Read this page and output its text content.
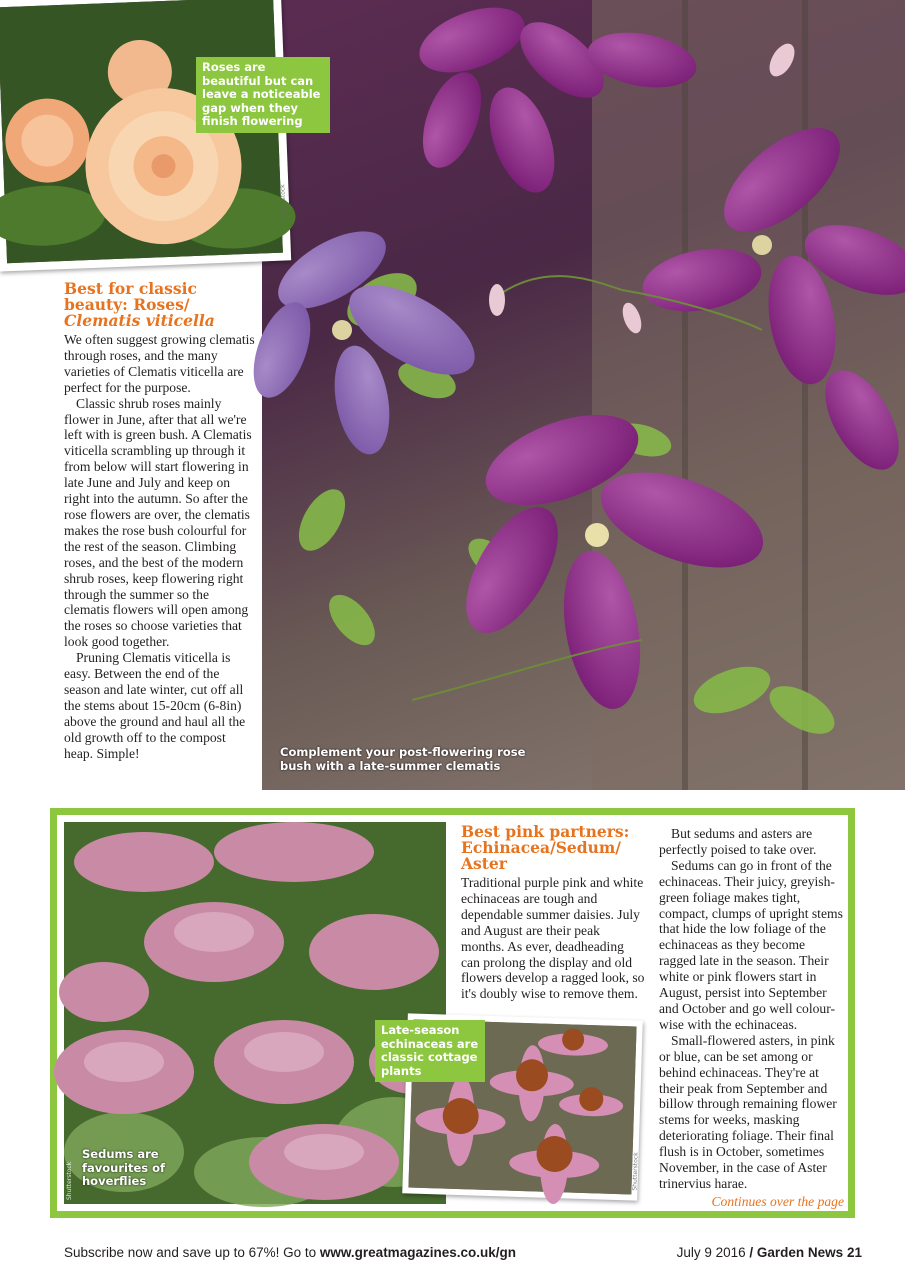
Complement your post-flowering rose bush with a late-summer clematis
Shutterstock
Shutterstock
Roses are beautiful but can leave a noticeable gap when they finish flowering
Best for classic beauty: Roses/
Clematis viticella

We often suggest growing clematis through roses, and the many varieties of Clematis viticella are perfect for the purpose.

Classic shrub roses mainly flower in June, after that all we're left with is green bush. A Clematis viticella scrambling up through it from below will start flowering in late June and July and keep on right into the autumn. So after the rose flowers are over, the clematis makes the rose bush colourful for the rest of the season. Climbing roses, and the best of the modern shrub roses, keep flowering right through the summer so the clematis flowers will open among the roses so choose varieties that look good together.

Pruning Clematis viticella is easy. Between the end of the season and late winter, cut off all the stems about 15-20cm (6-8in) above the ground and haul all the old growth off to the compost heap. Simple!

Sedums are favourites of hoverflies
Shutterstock	Shutterstock
Late-season echinaceas are classic cottage plants
Best pink partners: Echinacea/Sedum/ Aster

Traditional purple pink and white echinaceas are tough and dependable summer daisies. July and August are their peak months. As ever, deadheading can prolong the display and old flowers develop a ragged look, so it's doubly wise to remove them.

But sedums and asters are perfectly poised to take over.

Sedums can go in front of the echinaceas. Their juicy, greyish-green foliage makes tight, compact, clumps of upright stems that hide the low foliage of the echinaceas as they become ragged late in the season. Their white or pink flowers start in August, persist into September and October and go well colour-wise with the echinaceas.

Small-flowered asters, in pink or blue, can be set among or behind echinaceas. They're at their peak from September and billow through remaining flower stems for weeks, masking deteriorating foliage. Their final flush is in October, sometimes November, in the case of Aster trinervius harae.

Continues over the page

Subscribe now and save up to 67%! Go to www.greatmagazines.co.uk/gn	July 9 2016 / Garden News 21
